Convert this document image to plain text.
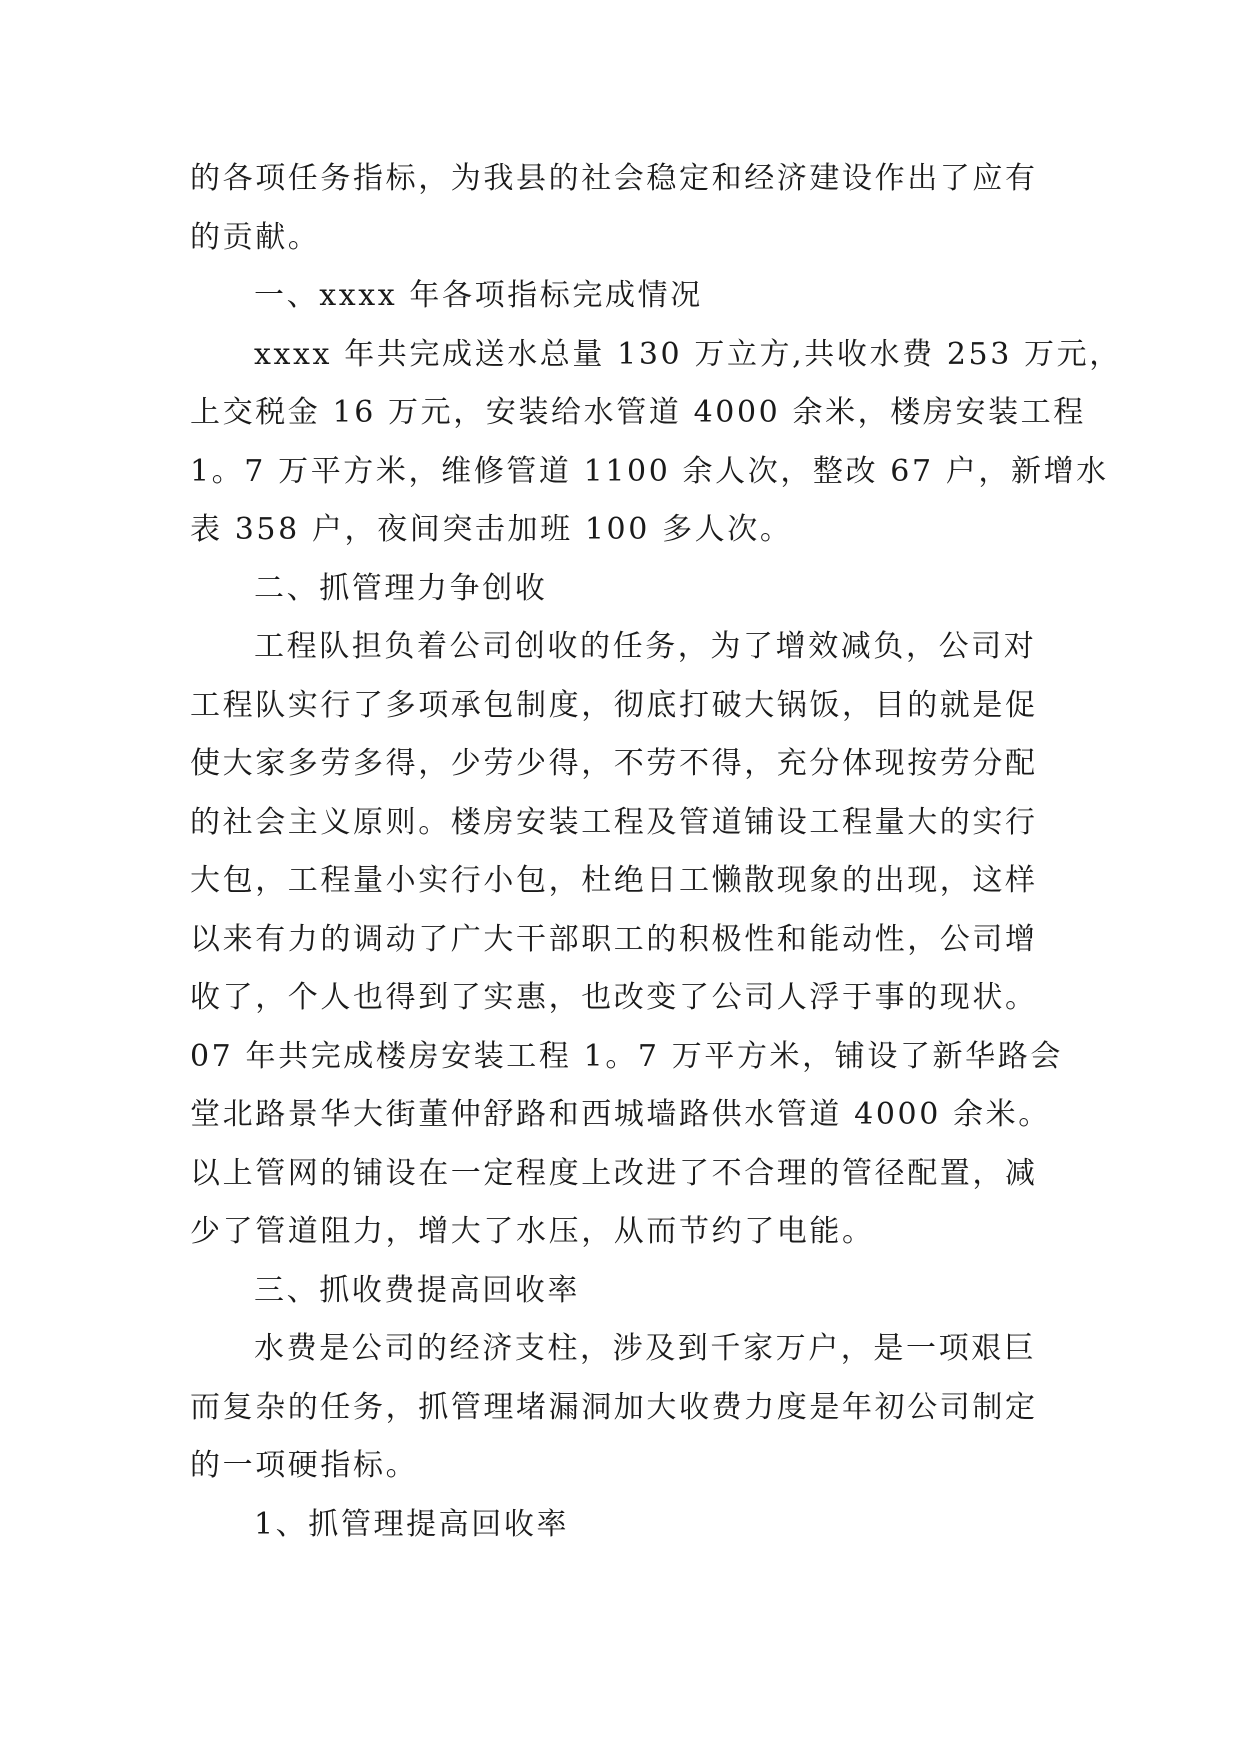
的各项任务指标，为我县的社会稳定和经济建设作出了应有
的贡献。
一、xxxx 年各项指标完成情况
xxxx 年共完成送水总量 130 万立方,共收水费 253 万元，
上交税金 16 万元，安装给水管道 4000 余米，楼房安装工程
1。7 万平方米，维修管道 1100 余人次，整改 67 户，新增水
表 358 户，夜间突击加班 100 多人次。
二、抓管理力争创收
工程队担负着公司创收的任务，为了增效减负，公司对
工程队实行了多项承包制度，彻底打破大锅饭，目的就是促
使大家多劳多得，少劳少得，不劳不得，充分体现按劳分配
的社会主义原则。楼房安装工程及管道铺设工程量大的实行
大包，工程量小实行小包，杜绝日工懒散现象的出现，这样
以来有力的调动了广大干部职工的积极性和能动性，公司增
收了，个人也得到了实惠，也改变了公司人浮于事的现状。
07 年共完成楼房安装工程 1。7 万平方米，铺设了新华路会
堂北路景华大街董仲舒路和西城墙路供水管道 4000 余米。
以上管网的铺设在一定程度上改进了不合理的管径配置，减
少了管道阻力，增大了水压，从而节约了电能。
三、抓收费提高回收率
水费是公司的经济支柱，涉及到千家万户，是一项艰巨
而复杂的任务，抓管理堵漏洞加大收费力度是年初公司制定
的一项硬指标。
1、抓管理提高回收率
